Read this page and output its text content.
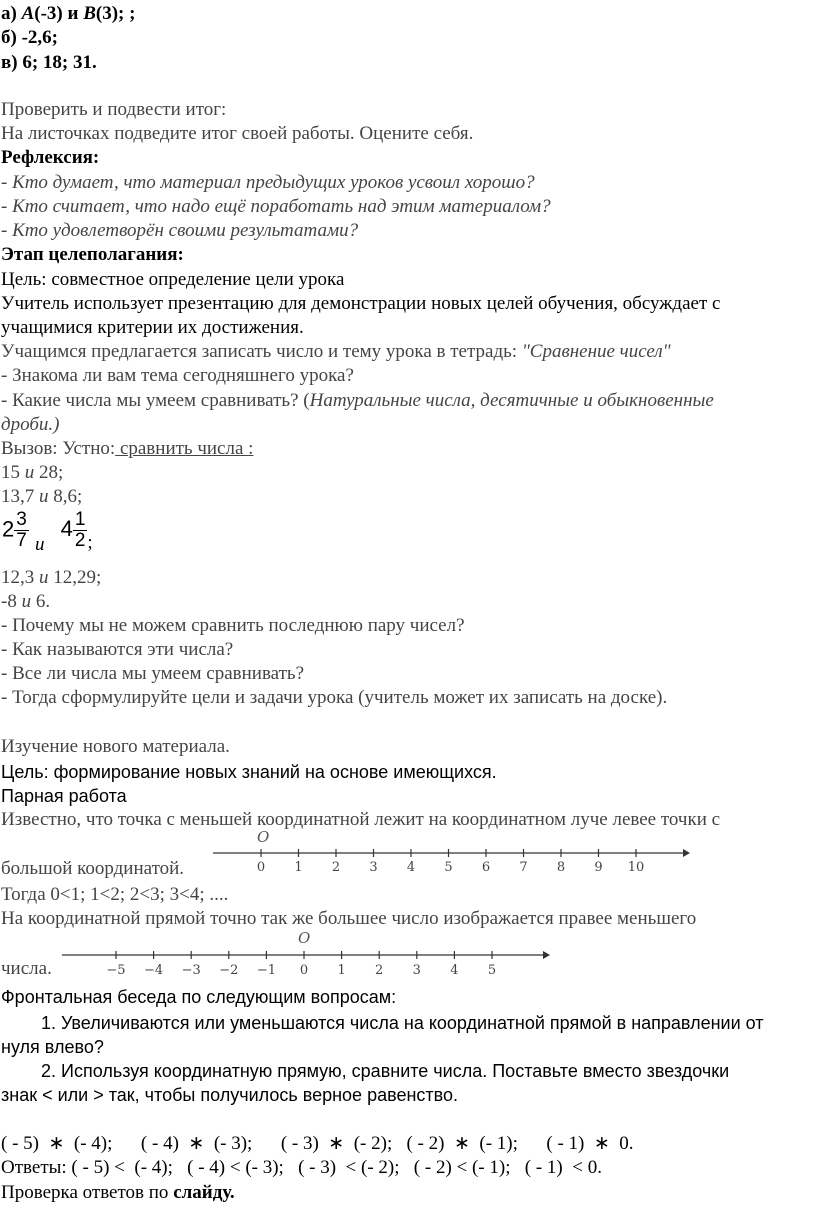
а) A(-3) и B(3); ;
б) -2,6;
в) 6; 18; 31.
Проверить и подвести итог:
На листочках подведите итог своей работы. Оцените себя.
Рефлексия:
- Кто думает, что материал предыдущих уроков усвоил хорошо?
- Кто считает, что надо ещё поработать над этим материалом?
- Кто удовлетворён своими результатами?
Этап целеполагания:
Цель: совместное определение цели урока
Учитель использует презентацию для демонстрации новых целей обучения, обсуждает с
учащимися критерии их достижения.
Учащимся предлагается записать число и тему урока в тетрадь: "Сравнение чисел"
- Знакома ли вам тема сегодняшнего урока?
- Какие числа мы умеем сравнивать? (Натуральные числа, десятичные и обыкновенные
дроби.)
Вызов: Устно: сравнить числа :
15 и 28;
13,7 и 8,6;
$2 \frac{3}{7}$ и $4 \frac{1}{2}$ ;
12,3 и 12,29;
-8 и 6.
- Почему мы не можем сравнить последнюю пару чисел?
- Как называются эти числа?
- Все ли числа мы умеем сравнивать?
- Тогда сформулируйте цели и задачи урока (учитель может их записать на доске).
Изучение нового материала.
Цель: формирование новых знаний на основе имеющихся.
Парная работа
Известно, что точка с меньшей координатной лежит на координатном луче левее точки с
большой координатой.
O
0 1 2 3 4 5 6 7 8 9 10
Тогда 0<1; 1<2; 2<3; 3<4; ....
На координатной прямой точно так же большее число изображается правее меньшего
числа.
O
−5 −4 −3 −2 −1 0 1 2 3 4 5
Фронтальная беседа по следующим вопросам:
1. Увеличиваются или уменьшаются числа на координатной прямой в направлении от
нуля влево?
2. Используя координатную прямую, сравните числа. Поставьте вместо звездочки
знак < или > так, чтобы получилось верное равенство.
( - 5)  ∗  (- 4);      ( - 4)  ∗  (- 3);      ( - 3)  ∗  (- 2);   ( - 2)  ∗  (- 1);      ( - 1)  ∗  0.
Ответы: ( - 5) <  (- 4);   ( - 4) < (- 3);   ( - 3)  < (- 2);   ( - 2) < (- 1);   ( - 1)  < 0.
Проверка ответов по слайду.
